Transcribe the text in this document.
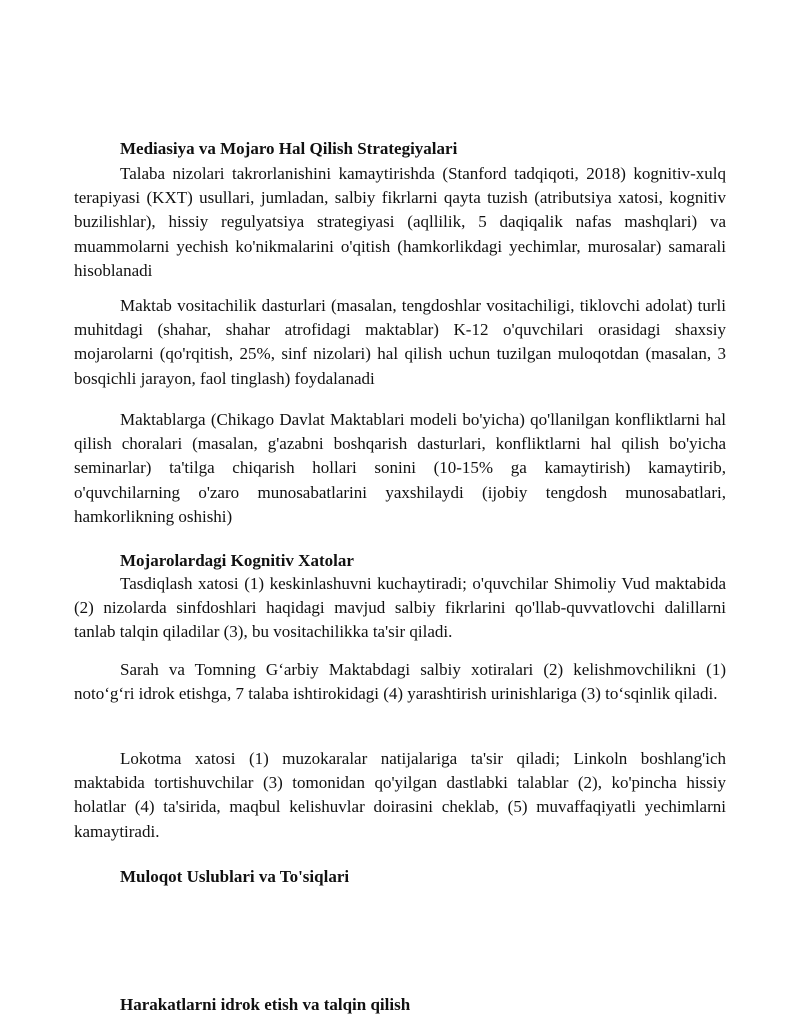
Mediasiya va Mojaro Hal Qilish Strategiyalari

Talaba nizolari takrorlanishini kamaytirishda (Stanford tadqiqoti, 2018) kognitiv-xulq terapiyasi (KXT) usullari, jumladan, salbiy fikrlarni qayta tuzish (atributsiya xatosi, kognitiv buzilishlar), hissiy regulyatsiya strategiyasi (aqllilik, 5 daqiqalik nafas mashqlari) va muammolarni yechish ko'nikmalarini o'qitish (hamkorlikdagi yechimlar, murosalar) samarali hisoblanadi

Maktab vositachilik dasturlari (masalan, tengdoshlar vositachiligi, tiklovchi adolat) turli muhitdagi (shahar, shahar atrofidagi maktablar) K-12 o'quvchilari orasidagi shaxsiy mojarolarni (qo'rqitish, 25%, sinf nizolari) hal qilish uchun tuzilgan muloqotdan (masalan, 3 bosqichli jarayon, faol tinglash) foydalanadi

Maktablarga (Chikago Davlat Maktablari modeli bo'yicha) qo'llanilgan konfliktlarni hal qilish choralari (masalan, g'azabni boshqarish dasturlari, konfliktlarni hal qilish bo'yicha seminarlar) ta'tilga chiqarish hollari sonini (10-15% ga kamaytirish) kamaytirib, o'quvchilarning o'zaro munosabatlarini yaxshilaydi (ijobiy tengdosh munosabatlari, hamkorlikning oshishi)

Mojarolardagi Kognitiv Xatolar

Tasdiqlash xatosi (1) keskinlashuvni kuchaytiradi; o'quvchilar Shimoliy Vud maktabida (2) nizolarda sinfdoshlari haqidagi mavjud salbiy fikrlarini qo'llab-quvvatlovchi dalillarni tanlab talqin qiladilar (3), bu vositachilikka ta'sir qiladi.

Sarah va Tomning G‘arbiy Maktabdagi salbiy xotiralari (2) kelishmovchilikni (1) noto‘g‘ri idrok etishga, 7 talaba ishtirokidagi (4) yarashtirish urinishlariga (3) to‘sqinlik qiladi.

Lokotma xatosi (1) muzokaralar natijalariga ta'sir qiladi; Linkoln boshlang'ich maktabida tortishuvchilar (3) tomonidan qo'yilgan dastlabki talablar (2), ko'pincha hissiy holatlar (4) ta'sirida, maqbul kelishuvlar doirasini cheklab, (5) muvaffaqiyatli yechimlarni kamaytiradi.

Muloqot Uslublari va To'siqlari
Harakatlarni idrok etish va talqin qilish
